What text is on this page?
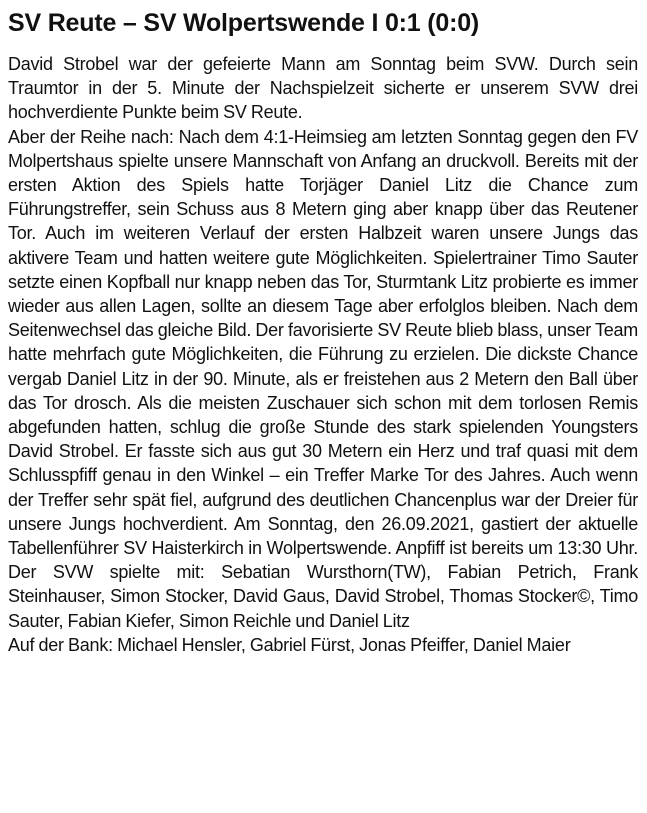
SV Reute – SV Wolpertswende I 0:1 (0:0)

David Strobel war der gefeierte Mann am Sonntag beim SVW. Durch sein Traumtor in der 5. Minute der Nachspielzeit sicherte er unserem SVW drei hochverdiente Punkte beim SV Reute.

Aber der Reihe nach: Nach dem 4:1-Heimsieg am letzten Sonntag gegen den FV Molpertshaus spielte unsere Mannschaft von Anfang an druckvoll. Bereits mit der ersten Aktion des Spiels hatte Torjäger Daniel Litz die Chance zum Führungstreffer, sein Schuss aus 8 Metern ging aber knapp über das Reutener Tor. Auch im weiteren Verlauf der ersten Halbzeit waren unsere Jungs das aktivere Team und hatten weitere gute Möglichkeiten. Spielertrainer Timo Sauter setzte einen Kopfball nur knapp neben das Tor, Sturmtank Litz probierte es immer wieder aus allen Lagen, sollte an diesem Tage aber erfolglos bleiben. Nach dem Seitenwechsel das gleiche Bild. Der favorisierte SV Reute blieb blass, unser Team hatte mehrfach gute Möglichkeiten, die Führung zu erzielen. Die dickste Chance vergab Daniel Litz in der 90. Minute, als er freistehen aus 2 Metern den Ball über das Tor drosch. Als die meisten Zuschauer sich schon mit dem torlosen Remis abgefunden hatten, schlug die große Stunde des stark spielenden Youngsters David Strobel. Er fasste sich aus gut 30 Metern ein Herz und traf quasi mit dem Schlusspfiff genau in den Winkel – ein Treffer Marke Tor des Jahres. Auch wenn der Treffer sehr spät fiel, aufgrund des deutlichen Chancenplus war der Dreier für unsere Jungs hochverdient. Am Sonntag, den 26.09.2021, gastiert der aktuelle Tabellenführer SV Haisterkirch in Wolpertswende. Anpfiff ist bereits um 13:30 Uhr. Der SVW spielte mit: Sebatian Wursthorn(TW), Fabian Petrich, Frank Steinhauser, Simon Stocker, David Gaus, David Strobel, Thomas Stocker©, Timo Sauter, Fabian Kiefer, Simon Reichle und Daniel Litz

Auf der Bank: Michael Hensler, Gabriel Fürst, Jonas Pfeiffer, Daniel Maier
